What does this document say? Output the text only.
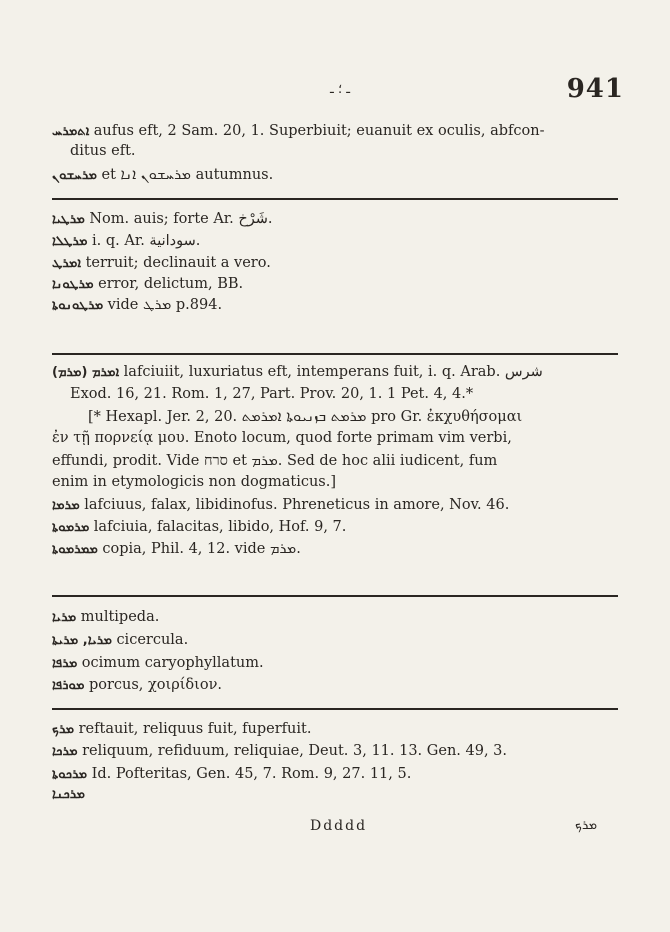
ـ ؛ ـ	941
ܐܬܡܪܚ aufus eft, 2 Sam. 20, 1. Superbiuit; euanuit ex oculis, abfcon-
ditus eft.
ܡܪܚܫܘܢ et ܡܪܚܫܘܢ ܐܢܐ autumnus.
ܡܪܛܝܐ Nom. auis; forte Ar. شَرْخ.
ܡܪܛܠܐ i. q. Ar. سودانية.
ܐܡܪܛ terruit; declinauit a vero.
ܡܪܛܘܢܐ error, delictum, BB.
ܡܪܛܘܢܘܬܐ vide ܡܪܛ p.894.
(ܡܪܡ) ܐܡܪܡ lafciuiit, luxuriatus eft, intemperans fuit, i. q. Arab. شرس
Exod. 16, 21. Rom. 1, 27, Part. Prov. 20, 1. 1 Pet. 4, 4.*
[* Hexapl. Jer. 2, 20. ܡܪܡܬ ܒܙܢܝܘܬܐ ܐܡܪܡܬ pro Gr. ἐκχυθήσομαι
ἐν τῇ πορνείᾳ μου. Enoto locum, quod forte primam vim verbi,
effundi, prodit. Vide סרח et ܡܪܡ. Sed de hoc alii iudicent, fum
enim in etymologicis non dogmaticus.]
ܡܪܡܐ lafciuus, falax, libidinofus. Phreneticus in amore, Nov. 46.
ܡܪܡܘܬܐ lafciuia, falacitas, libido, Hof. 9, 7.
ܡܡܪܡܘܬܐ copia, Phil. 4, 12. vide ܡܪܡ.
ܡܪܝܐ multipeda.
ܡܪܝܐ, ܡܪܝܬܐ cicercula.
ܡܪܦܐ ocimum caryophyllatum.
ܡܘܪܦܐ porcus, χοιρίδιον.
ܡܪܟ reftauit, reliquus fuit, fuperfuit.
ܡܪܟܐ reliquum, refiduum, reliquiae, Deut. 3, 11. 13. Gen. 49, 3.
ܡܪܟܘܬܐ Id. Pofteritas, Gen. 45, 7. Rom. 9, 27. 11, 5.
ܡܪܟܢܐ
Ddddd	ܡܪܟ
